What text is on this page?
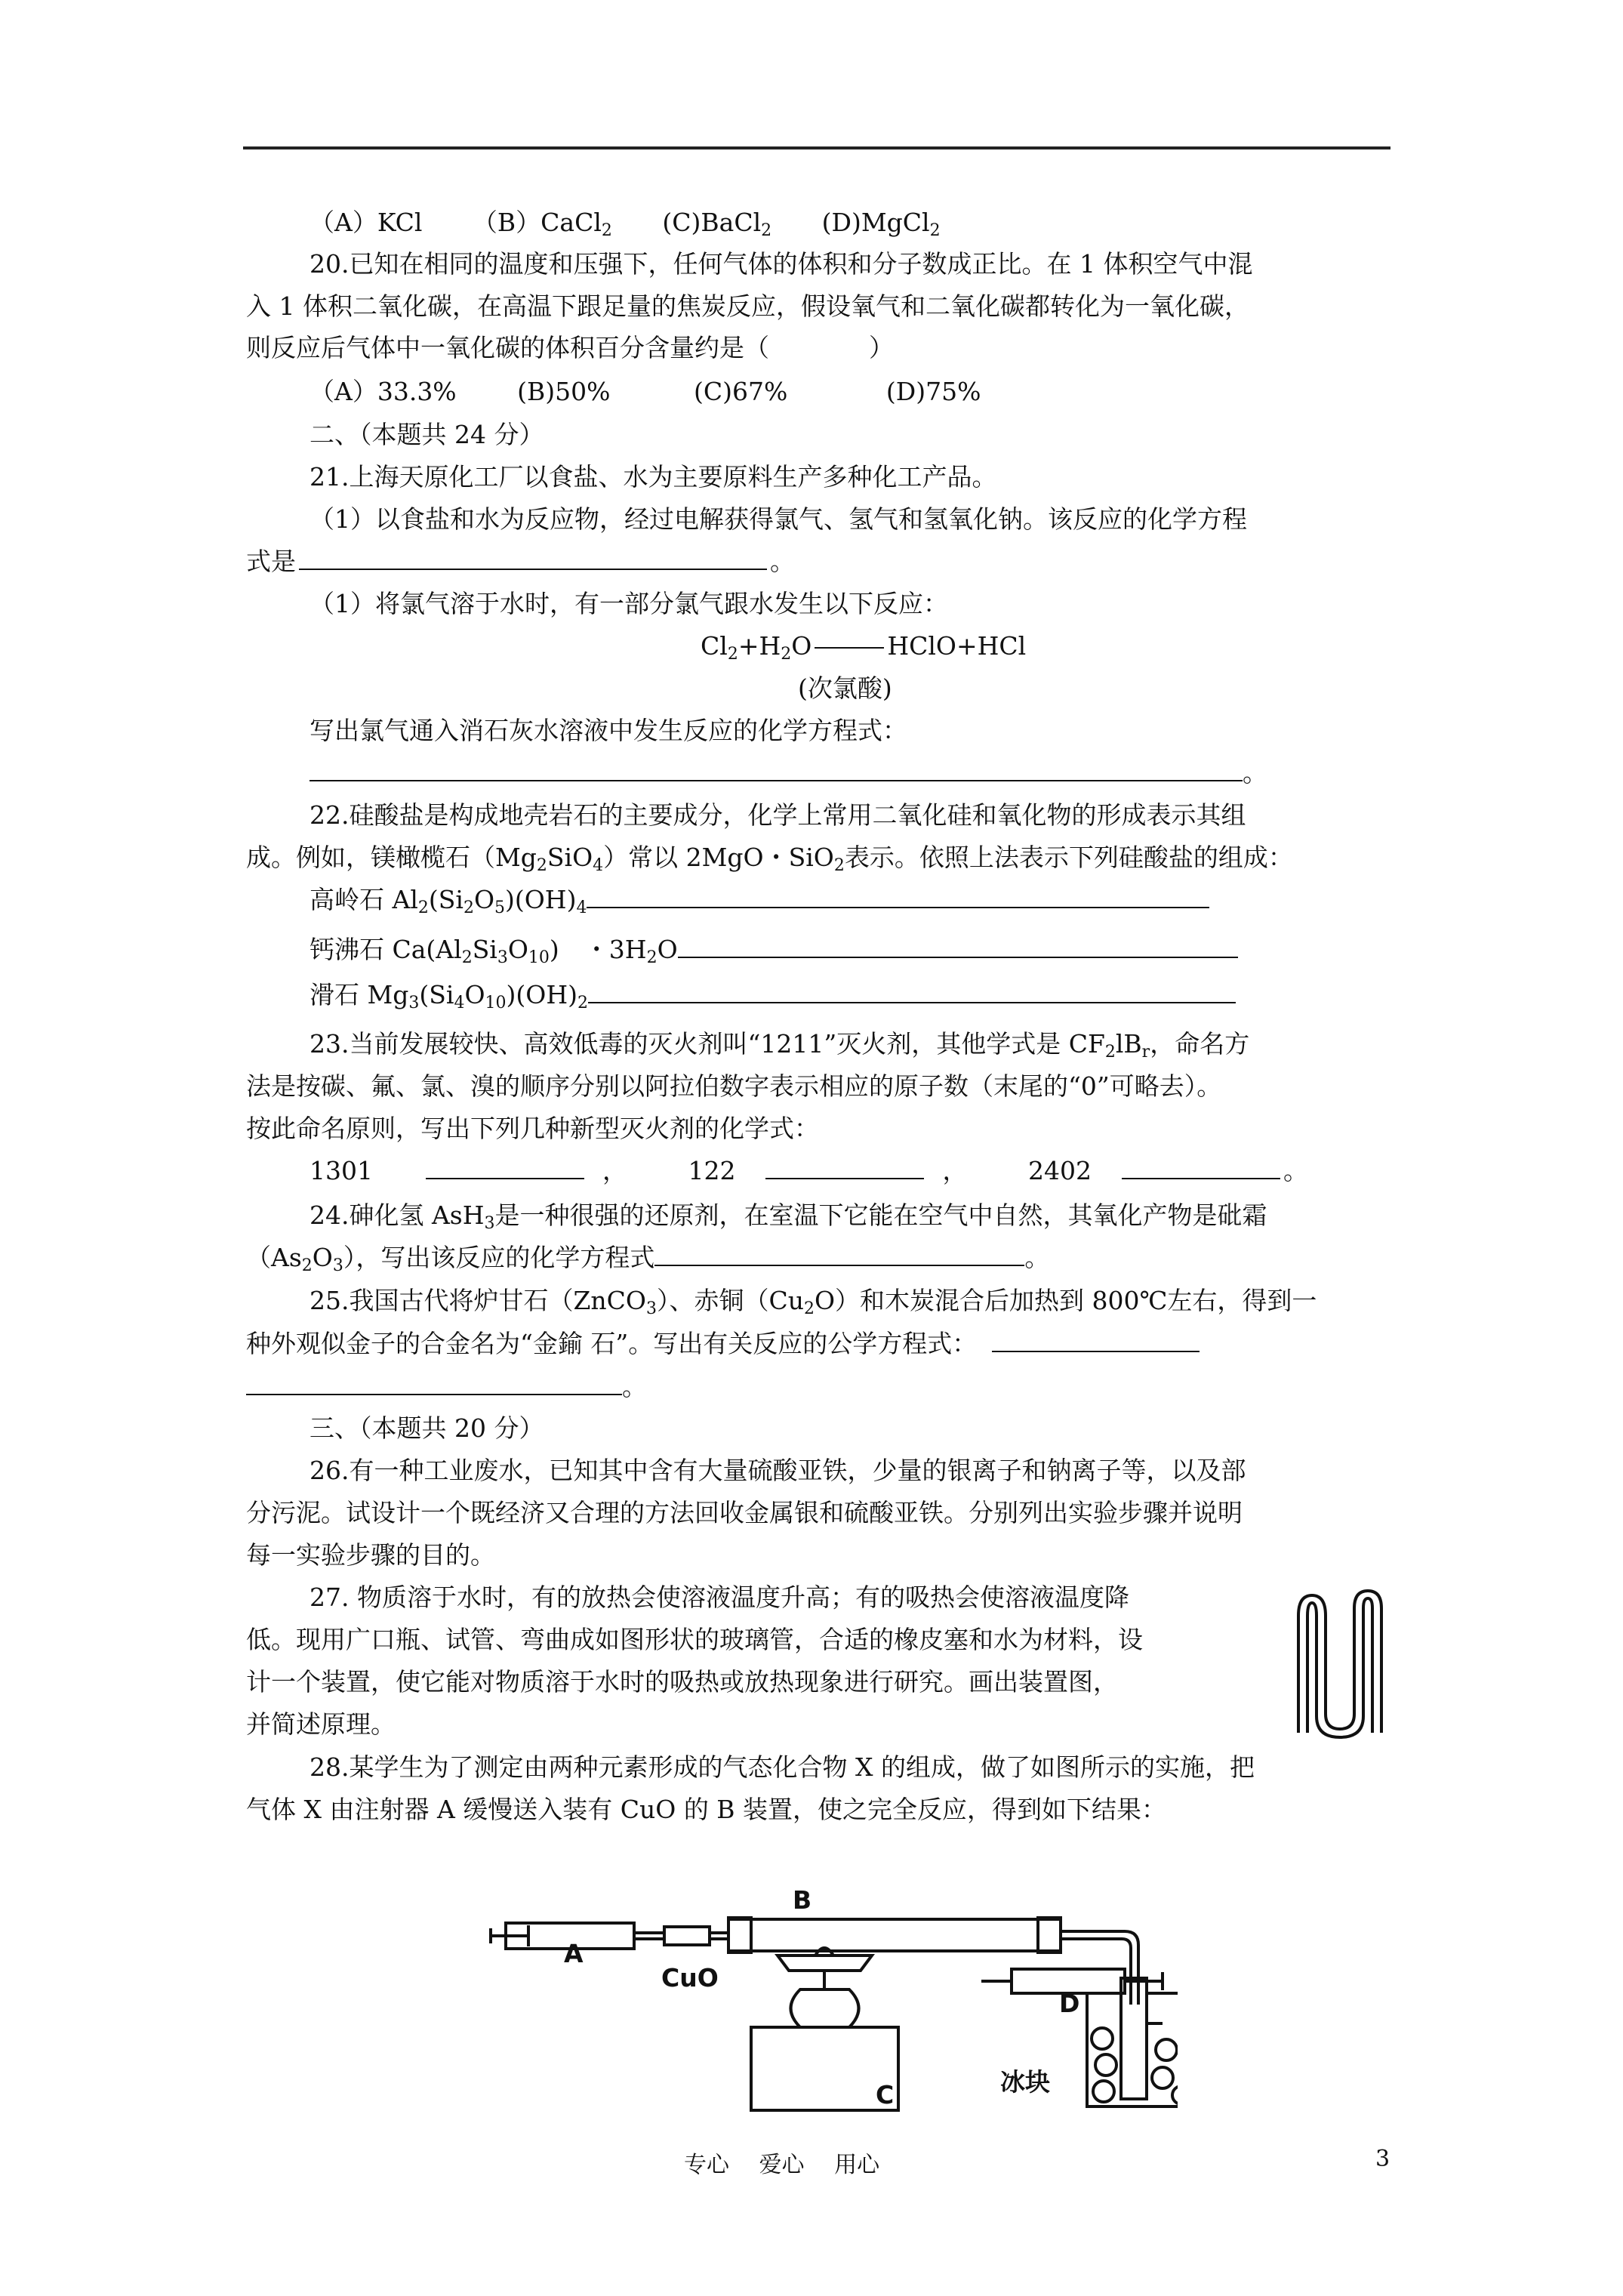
（A）KCl （B）CaCl$_2$ (C)BaCl$_2$ (D)MgCl$_2$
20.已知在相同的温度和压强下，任何气体的体积和分子数成正比。在 1 体积空气中混
入 1 体积二氧化碳，在高温下跟足量的焦炭反应，假设氧气和二氧化碳都转化为一氧化碳，
则反应后气体中一氧化碳的体积百分含量约是（　　　　）
（A）33.3% (B)50%	(C)67%	(D)75%
二、（本题共 24 分）
21.上海天原化工厂以食盐、水为主要原料生产多种化工产品。
（1）以食盐和水为反应物，经过电解获得氯气、氢气和氢氧化钠。该反应的化学方程
式是	。
（1）将氯气溶于水时，有一部分氯气跟水发生以下反应：
$Cl_2+H_2O$	HClO+HCl
(次氯酸)
写出氯气通入消石灰水溶液中发生反应的化学方程式：
。
22.硅酸盐是构成地壳岩石的主要成分，化学上常用二氧化硅和氧化物的形成表示其组
成。例如，镁橄榄石$(Mg_2SiO_4)$常以 2MgO・SiO$_2$表示。依照上法表示下列硅酸盐的组成：
高岭石 $Al_2(Si_2O_5)(OH)_4$
钙沸石 $Ca(Al_2Si_3O_{10})$　・$3H_2O$
滑石 $Mg_3(Si_4O_{10})(OH)_2$
23.当前发展较快、高效低毒的灭火剂叫“1211”灭火剂，其他学式是 $CF_2lB_r$，命名方
法是按碳、氟、氯、溴的顺序分别以阿拉伯数字表示相应的原子数（末尾的“0”可略去）。
按此命名原则，写出下列几种新型灭火剂的化学式：
1301	， 122	， 2402	。
24.砷化氢 AsH$_3$是一种很强的还原剂，在室温下它能在空气中自然，其氧化产物是砒霜
$(As_2O_3)$，写出该反应的化学方程式	。
25.我国古代将炉甘石（ZnCO$_3$）、赤铜$(Cu_2O)$和木炭混合后加热到 800℃左右，得到一
种外观似金子的合金名为“金鍮 石”。写出有关反应的公学方程式：
。
三、（本题共 20 分）
26.有一种工业废水，已知其中含有大量硫酸亚铁，少量的银离子和钠离子等，以及部
分污泥。试设计一个既经济又合理的方法回收金属银和硫酸亚铁。分别列出实验步骤并说明
每一实验步骤的目的。
27. 物质溶于水时，有的放热会使溶液温度升高；有的吸热会使溶液温度降
低。现用广口瓶、试管、弯曲成如图形状的玻璃管，合适的橡皮塞和水为材料，设
计一个装置，使它能对物质溶于水时的吸热或放热现象进行研究。画出装置图，
并简述原理。
28.某学生为了测定由两种元素形成的气态化合物 X 的组成，做了如图所示的实施，把
气体 X 由注射器 A 缓慢送入装有 CuO 的 B 装置，使之完全反应，得到如下结果：
A
B
CuO
C
D
冰块
专心　 爱心　 用心	3
